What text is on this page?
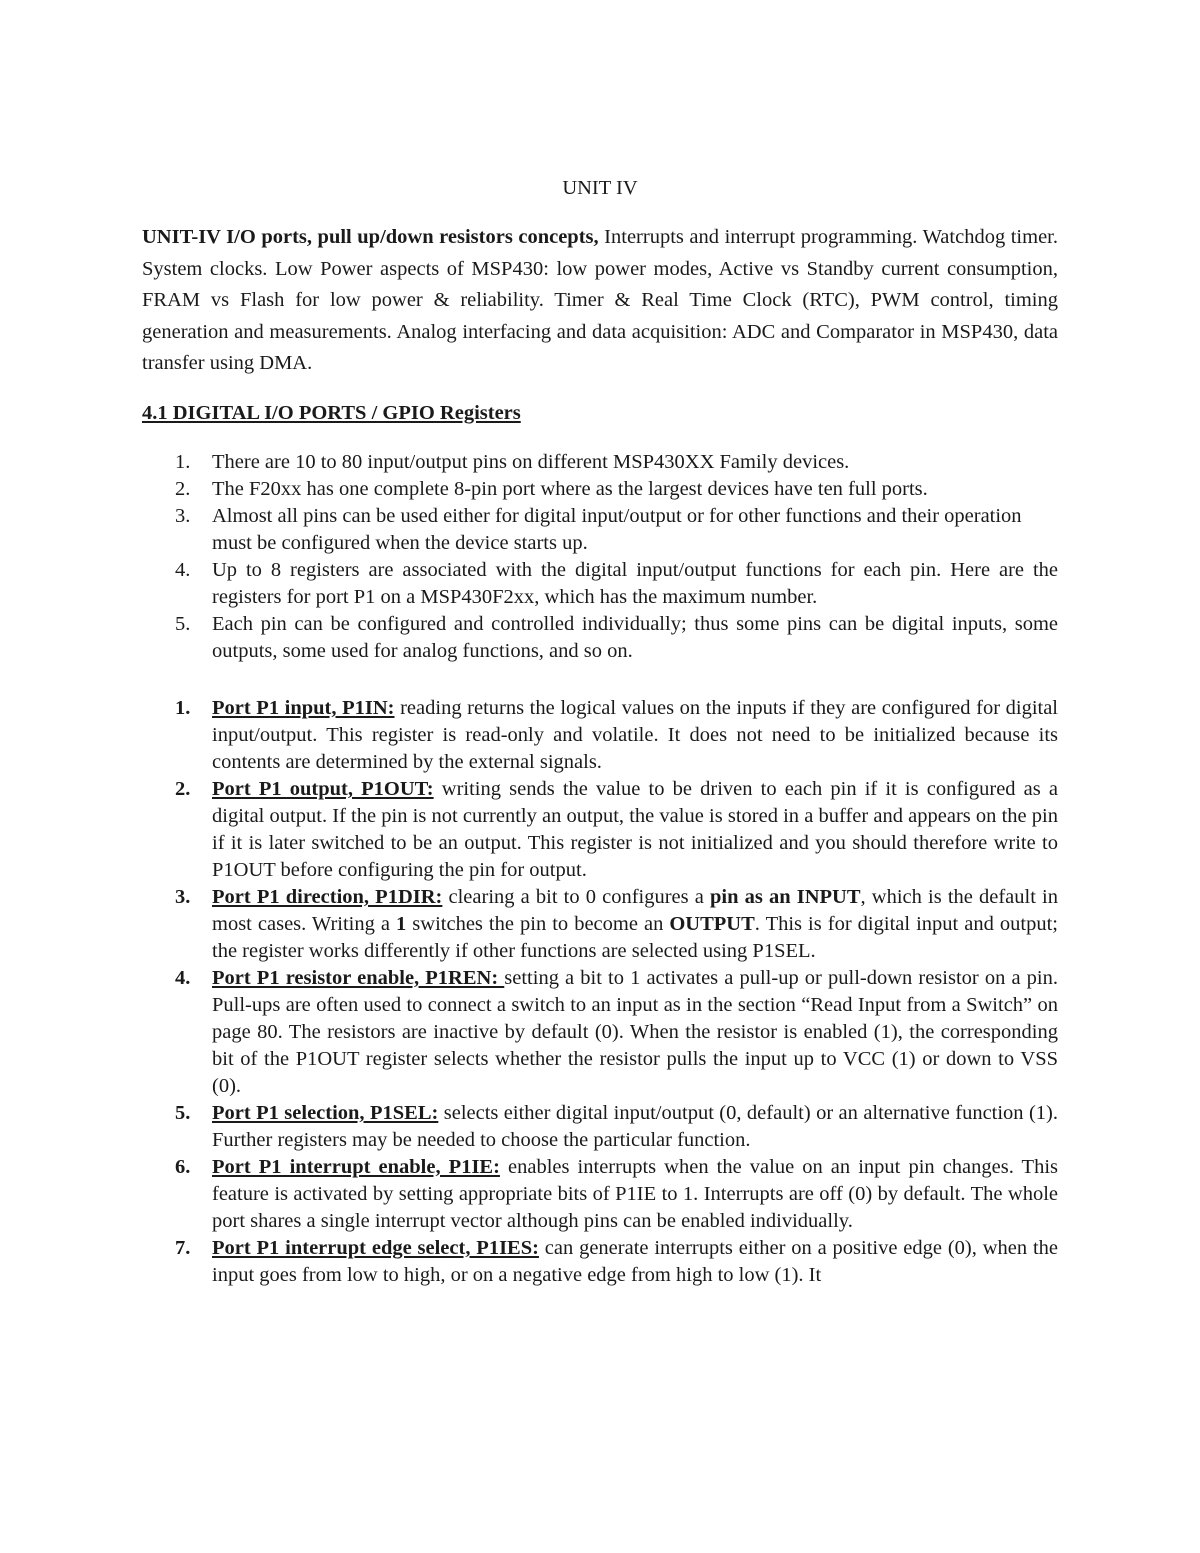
UNIT IV

UNIT-IV I/O ports, pull up/down resistors concepts, Interrupts and interrupt programming. Watchdog timer. System clocks. Low Power aspects of MSP430: low power modes, Active vs Standby current consumption, FRAM vs Flash for low power & reliability. Timer & Real Time Clock (RTC), PWM control, timing generation and measurements. Analog interfacing and data acquisition: ADC and Comparator in MSP430, data transfer using DMA.

4.1 DIGITAL I/O PORTS / GPIO Registers

1. There are 10 to 80 input/output pins on different MSP430XX Family devices.
2. The F20xx has one complete 8-pin port where as the largest devices have ten full ports.
3. Almost all pins can be used either for digital input/output or for other functions and their operation must be configured when the device starts up.
4. Up to 8 registers are associated with the digital input/output functions for each pin. Here are the registers for port P1 on a MSP430F2xx, which has the maximum number.
5. Each pin can be configured and controlled individually; thus some pins can be digital inputs, some outputs, some used for analog functions, and so on.
1. Port P1 input, P1IN: reading returns the logical values on the inputs if they are configured for digital input/output. This register is read-only and volatile. It does not need to be initialized because its contents are determined by the external signals.
2. Port P1 output, P1OUT: writing sends the value to be driven to each pin if it is configured as a digital output. If the pin is not currently an output, the value is stored in a buffer and appears on the pin if it is later switched to be an output. This register is not initialized and you should therefore write to P1OUT before configuring the pin for output.
3. Port P1 direction, P1DIR: clearing a bit to 0 configures a pin as an INPUT, which is the default in most cases. Writing a 1 switches the pin to become an OUTPUT. This is for digital input and output; the register works differently if other functions are selected using P1SEL.
4. Port P1 resistor enable, P1REN: setting a bit to 1 activates a pull-up or pull-down resistor on a pin. Pull-ups are often used to connect a switch to an input as in the section “Read Input from a Switch” on page 80. The resistors are inactive by default (0). When the resistor is enabled (1), the corresponding bit of the P1OUT register selects whether the resistor pulls the input up to VCC (1) or down to VSS (0).
5. Port P1 selection, P1SEL: selects either digital input/output (0, default) or an alternative function (1). Further registers may be needed to choose the particular function.
6. Port P1 interrupt enable, P1IE: enables interrupts when the value on an input pin changes. This feature is activated by setting appropriate bits of P1IE to 1. Interrupts are off (0) by default. The whole port shares a single interrupt vector although pins can be enabled individually.
7. Port P1 interrupt edge select, P1IES: can generate interrupts either on a positive edge (0), when the input goes from low to high, or on a negative edge from high to low (1). It
